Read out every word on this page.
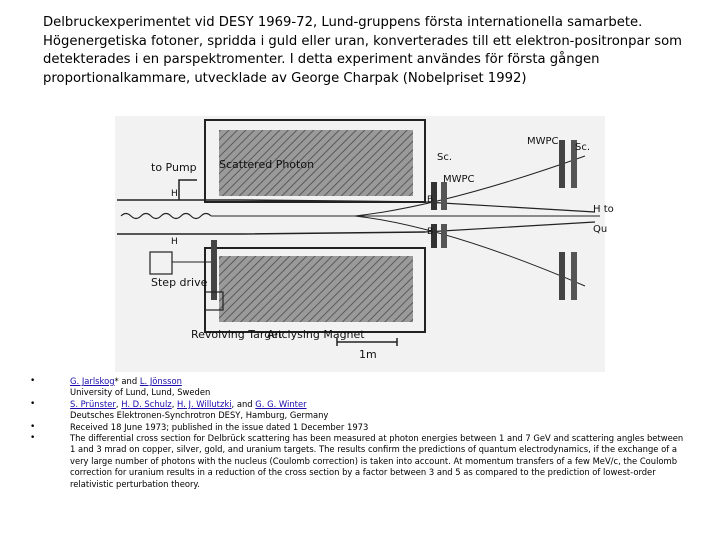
Delbruckexperimentet vid DESY 1969-72, Lund-gruppens första internationella samarbete. Högenergetiska fotoner, spridda i guld eller uran, konverterades till ett elektron-positronpar som detekterades i en parspektromenter. I detta experiment användes för första gången proportionalkammare, utvecklade av George Charpak (Nobelpriset 1992)

to Pump Scattered Photon
Step drive
Revolving Target
Anclysing Magnet
Sc.
MWPC
MWPC
Sc.
H to
Qu
1m
H
H
B
B
•	G. Jarlskog* and L. Jönsson
University of Lund, Lund, Sweden
•	S. Prünster, H. D. Schulz, H. J. Willutzki, and G. G. Winter
Deutsches Elektronen-Synchrotron DESY, Hamburg, Germany
•	Received 18 June 1973; published in the issue dated 1 December 1973
•	The differential cross section for Delbrück scattering has been measured at photon energies between 1 and 7 GeV and scattering angles between 1 and 3 mrad on copper, silver, gold, and uranium targets. The results confirm the predictions of quantum electrodynamics, if the exchange of a very large number of photons with the nucleus (Coulomb correction) is taken into account. At momentum transfers of a few MeV/c, the Coulomb correction for uranium results in a reduction of the cross section by a factor between 3 and 5 as compared to the prediction of lowest-order relativistic perturbation theory.
